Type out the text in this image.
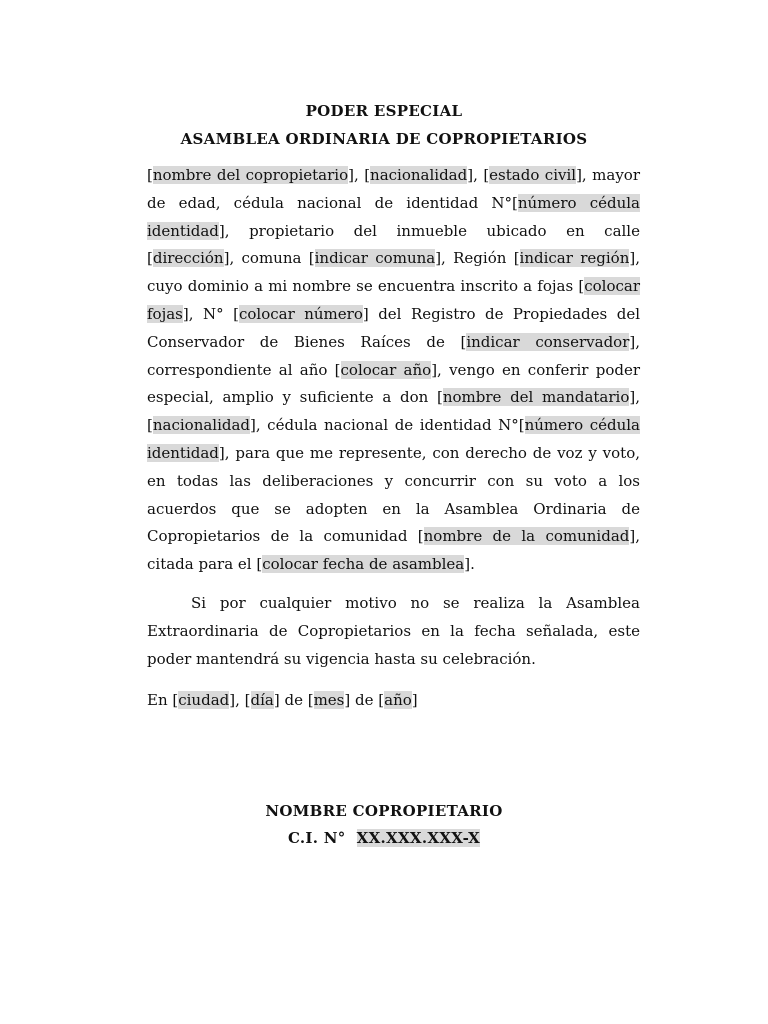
PODER ESPECIAL
ASAMBLEA ORDINARIA DE COPROPIETARIOS
[nombre del copropietario], [nacionalidad], [estado civil], mayor de edad, cédula nacional de identidad N°[número cédula identidad], propietario del inmueble ubicado en calle [dirección], comuna [indicar comuna], Región [indicar región], cuyo dominio a mi nombre se encuentra inscrito a fojas [colocar fojas], N° [colocar número] del Registro de Propiedades del Conservador de Bienes Raíces de [indicar conservador], correspondiente al año [colocar año], vengo en conferir poder especial, amplio y suficiente a don [nombre del mandatario], [nacionalidad], cédula nacional de identidad N°[número cédula identidad], para que me represente, con derecho de voz y voto, en todas las deliberaciones y concurrir con su voto a los acuerdos que se adopten en la Asamblea Ordinaria de Copropietarios de la comunidad [nombre de la comunidad], citada para el [colocar fecha de asamblea].
Si por cualquier motivo no se realiza la Asamblea Extraordinaria de Copropietarios en la fecha señalada, este poder mantendrá su vigencia hasta su celebración.
En [ciudad], [día] de [mes] de [año]
NOMBRE COPROPIETARIO
C.I. N° XX.XXX.XXX-X
